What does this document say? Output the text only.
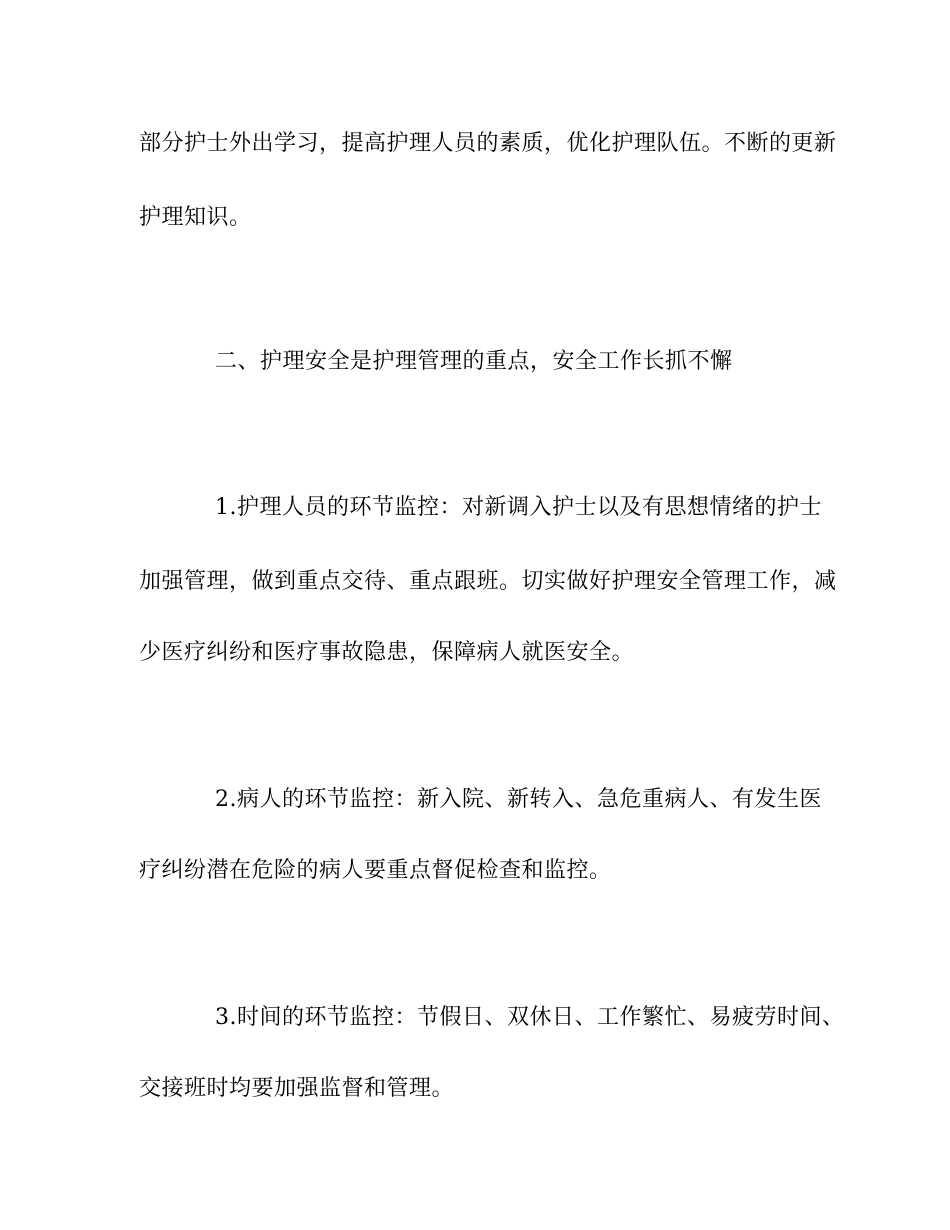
部分护士外出学习，提高护理人员的素质，优化护理队伍。不断的更新
护理知识。
二、护理安全是护理管理的重点，安全工作长抓不懈
1.护理人员的环节监控：对新调入护士以及有思想情绪的护士
加强管理，做到重点交待、重点跟班。切实做好护理安全管理工作，减
少医疗纠纷和医疗事故隐患，保障病人就医安全。
2.病人的环节监控：新入院、新转入、急危重病人、有发生医
疗纠纷潜在危险的病人要重点督促检查和监控。
3.时间的环节监控：节假日、双休日、工作繁忙、易疲劳时间、
交接班时均要加强监督和管理。
